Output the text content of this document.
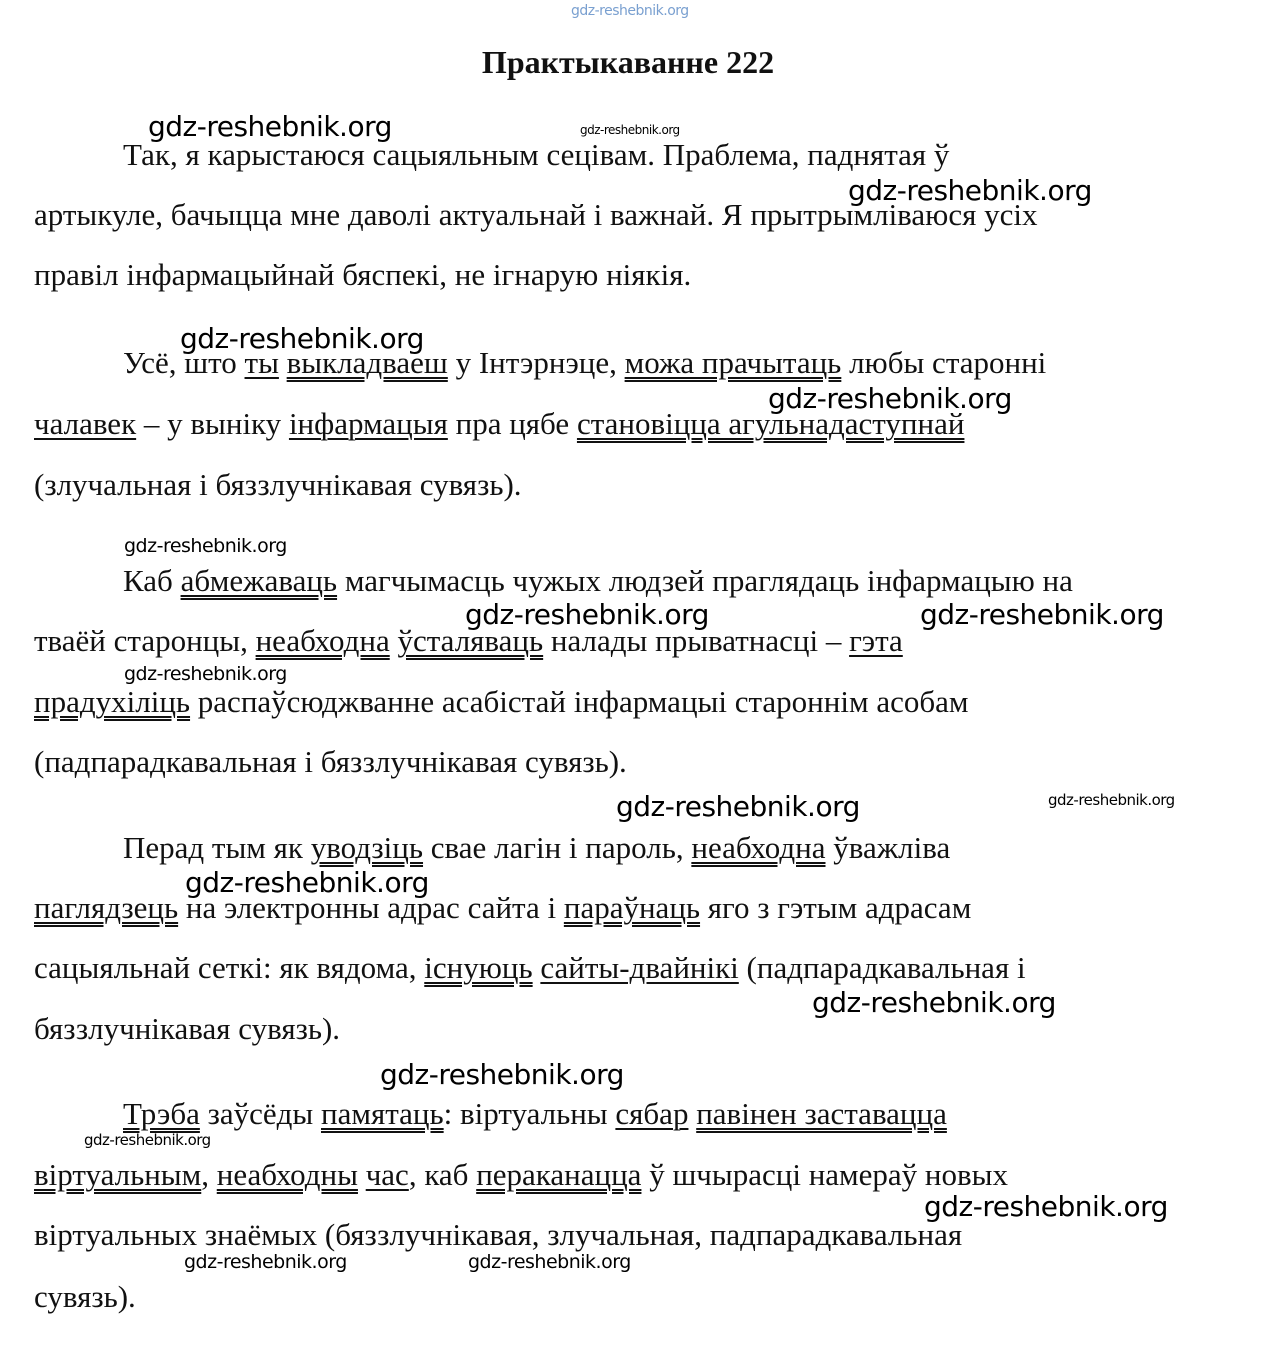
Практыкаванне 222
Так, я карыстаюся сацыяльным сецівам. Праблема, паднятая ў
артыкуле, бачыцца мне даволі актуальнай і важнай. Я прытрымліваюся усіх
правіл інфармацыйнай бяспекі, не ігнарую ніякія.
Усё, што ты выкладваеш у Інтэрнэце, можа прачытаць любы староннi
чалавек – у выніку інфармацыя пра цябе становіцца агульнадаступнай
(злучальная і бяззлучнікавая сувязь).
Каб абмежаваць магчымасць чужых людзей праглядаць інфармацыю на
тваёй старонцы, неабходна ўсталяваць налады прыватнасці – гэта
прадухіліць распаўсюджванне асабістай інфармацыі старонні​м асобам
(падпарадкавальная і бяззлучнікавая сувязь).
Перад тым як уводзіць свае лагін і пароль, неабходна ўважліва
паглядзець на электронны адрас сайта і параўнаць яго з гэтым адрасам
сацыяльнай сеткі: як вядома, існуюць сайты-двайнікі (падпарадкавальная і
бяззлучнікавая сувязь).
Трэба заўсёды памятаць: віртуальны сябар павінен заставацца
віртуальным, неабходны час, каб пераканацца ў шчырасці намераў новых
віртуальных знаёмых (бяззлучнікавая, злучальная, падпарадкавальная
сувязь).
gdz-reshebnik.org
gdz-reshebnik.org	gdz-reshebnik.org
gdz-reshebnik.org
gdz-reshebnik.org
gdz-reshebnik.org
gdz-reshebnik.org
gdz-reshebnik.org	gdz-reshebnik.org
gdz-reshebnik.org
gdz-reshebnik.org	gdz-reshebnik.org
gdz-reshebnik.org
gdz-reshebnik.org
gdz-reshebnik.org
gdz-reshebnik.org
gdz-reshebnik.org
gdz-reshebnik.org	gdz-reshebnik.org
